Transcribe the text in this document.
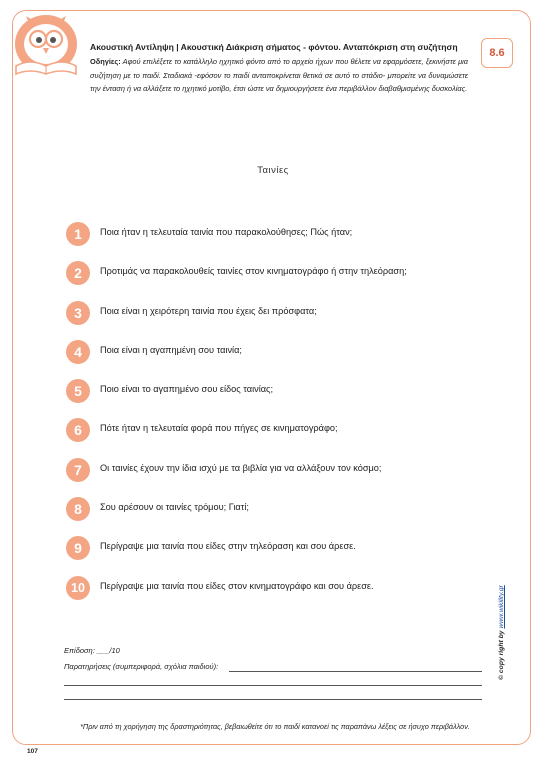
8.6
Ακουστική Αντίληψη | Ακουστική Διάκριση σήματος - φόντου. Ανταπόκριση στη συζήτηση
Οδηγίες: Αφού επιλέξετε το κατάλληλο ηχητικό φόντο από το αρχείο ήχων που θέλετε να εφαρμόσετε, ξεκινήστε μια συζήτηση με το παιδί. Σταδιακά -εφόσον το παιδί ανταποκρίνεται θετικά σε αυτό το στάδιο- μπορείτε να δυναμώσετε την ένταση ή να αλλάξετε το ηχητικό μοτίβο, έτσι ώστε να δημιουργήσετε ένα περιβάλλον διαβαθμισμένης δυσκολίας.
Ταινίες
1	Ποια ήταν η τελευταία ταινία που παρακολούθησες; Πώς ήταν;
2	Προτιμάς να παρακολουθείς ταινίες στον κινηματογράφο ή στην τηλεόραση;
3	Ποια είναι η χειρότερη ταινία που έχεις δει πρόσφατα;
4	Ποια είναι η αγαπημένη σου ταινία;
5	Ποιο είναι το αγαπημένο σου είδος ταινίας;
6	Πότε ήταν η τελευταία φορά που πήγες σε κινηματογράφο;
7	Οι ταινίες έχουν την ίδια ισχύ με τα βιβλία για να αλλάξουν τον κόσμο;
8	Σου αρέσουν οι ταινίες τρόμου; Γιατί;
9	Περίγραψε μια ταινία που είδες στην τηλεόραση και σου άρεσε.
10	Περίγραψε μια ταινία που είδες στον κινηματογράφο και σου άρεσε.
Επίδοση: ___/10
Παρατηρήσεις (συμπεριφορά, σχόλια παιδιού):
*Πριν από τη χορήγηση της δραστηριότητας, βεβαιωθείτε ότι το παιδί κατανοεί τις παραπάνω λέξεις σε ήσυχο περιβάλλον.
107
© copy right by www.wikility.gr
